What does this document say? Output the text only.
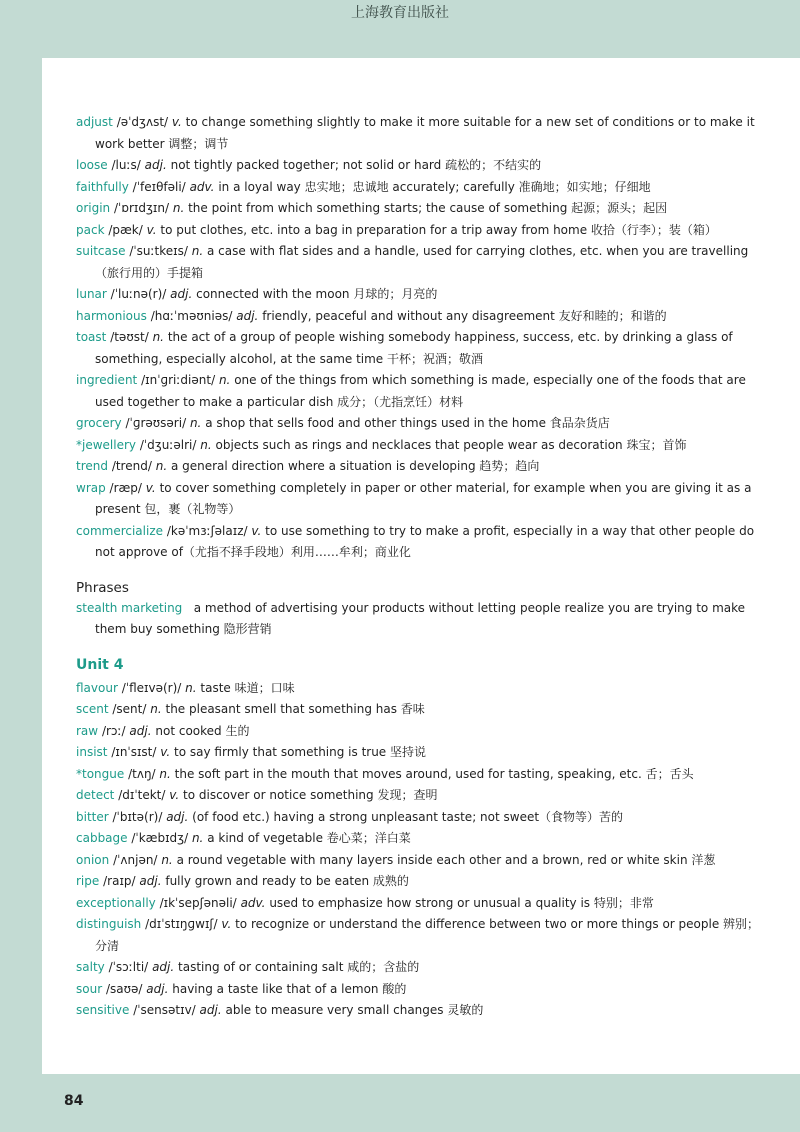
上海教育出版社

adjust /əˈdʒʌst/ v. to change something slightly to make it more suitable for a new set of conditions or to make it work better 调整；调节

loose /luːs/ adj. not tightly packed together; not solid or hard 疏松的；不结实的

faithfully /ˈfeɪθfəli/ adv. in a loyal way 忠实地；忠诚地 accurately; carefully 准确地；如实地；仔细地

origin /ˈɒrɪdʒɪn/ n. the point from which something starts; the cause of something 起源；源头；起因

pack /pæk/ v. to put clothes, etc. into a bag in preparation for a trip away from home 收拾（行李）；装（箱）

suitcase /ˈsuːtkeɪs/ n. a case with flat sides and a handle, used for carrying clothes, etc. when you are travelling（旅行用的）手提箱

lunar /ˈluːnə(r)/ adj. connected with the moon 月球的；月亮的

harmonious /hɑːˈməʊniəs/ adj. friendly, peaceful and without any disagreement 友好和睦的；和谐的

toast /təʊst/ n. the act of a group of people wishing somebody happiness, success, etc. by drinking a glass of something, especially alcohol, at the same time 干杯；祝酒；敬酒

ingredient /ɪnˈɡriːdiənt/ n. one of the things from which something is made, especially one of the foods that are used together to make a particular dish 成分；（尤指烹饪）材料

grocery /ˈɡrəʊsəri/ n. a shop that sells food and other things used in the home 食品杂货店

*jewellery /ˈdʒuːəlri/ n. objects such as rings and necklaces that people wear as decoration 珠宝；首饰

trend /trend/ n. a general direction where a situation is developing 趋势；趋向

wrap /ræp/ v. to cover something completely in paper or other material, for example when you are giving it as a present 包，裹（礼物等）

commercialize /kəˈmɜːʃəlaɪz/ v. to use something to try to make a profit, especially in a way that other people do not approve of（尤指不择手段地）利用……牟利；商业化

Phrases

stealth marketing a method of advertising your products without letting people realize you are trying to make them buy something 隐形营销

Unit 4

flavour /ˈfleɪvə(r)/ n. taste 味道；口味

scent /sent/ n. the pleasant smell that something has 香味

raw /rɔː/ adj. not cooked 生的

insist /ɪnˈsɪst/ v. to say firmly that something is true 坚持说

*tongue /tʌŋ/ n. the soft part in the mouth that moves around, used for tasting, speaking, etc. 舌；舌头

detect /dɪˈtekt/ v. to discover or notice something 发现；查明

bitter /ˈbɪtə(r)/ adj. (of food etc.) having a strong unpleasant taste; not sweet（食物等）苦的

cabbage /ˈkæbɪdʒ/ n. a kind of vegetable 卷心菜；洋白菜

onion /ˈʌnjən/ n. a round vegetable with many layers inside each other and a brown, red or white skin 洋葱

ripe /raɪp/ adj. fully grown and ready to be eaten 成熟的

exceptionally /ɪkˈsepʃənəli/ adv. used to emphasize how strong or unusual a quality is 特别；非常

distinguish /dɪˈstɪŋɡwɪʃ/ v. to recognize or understand the difference between two or more things or people 辨别；分清

salty /ˈsɔːlti/ adj. tasting of or containing salt 咸的；含盐的

sour /saʊə/ adj. having a taste like that of a lemon 酸的

sensitive /ˈsensətɪv/ adj. able to measure very small changes 灵敏的

84
